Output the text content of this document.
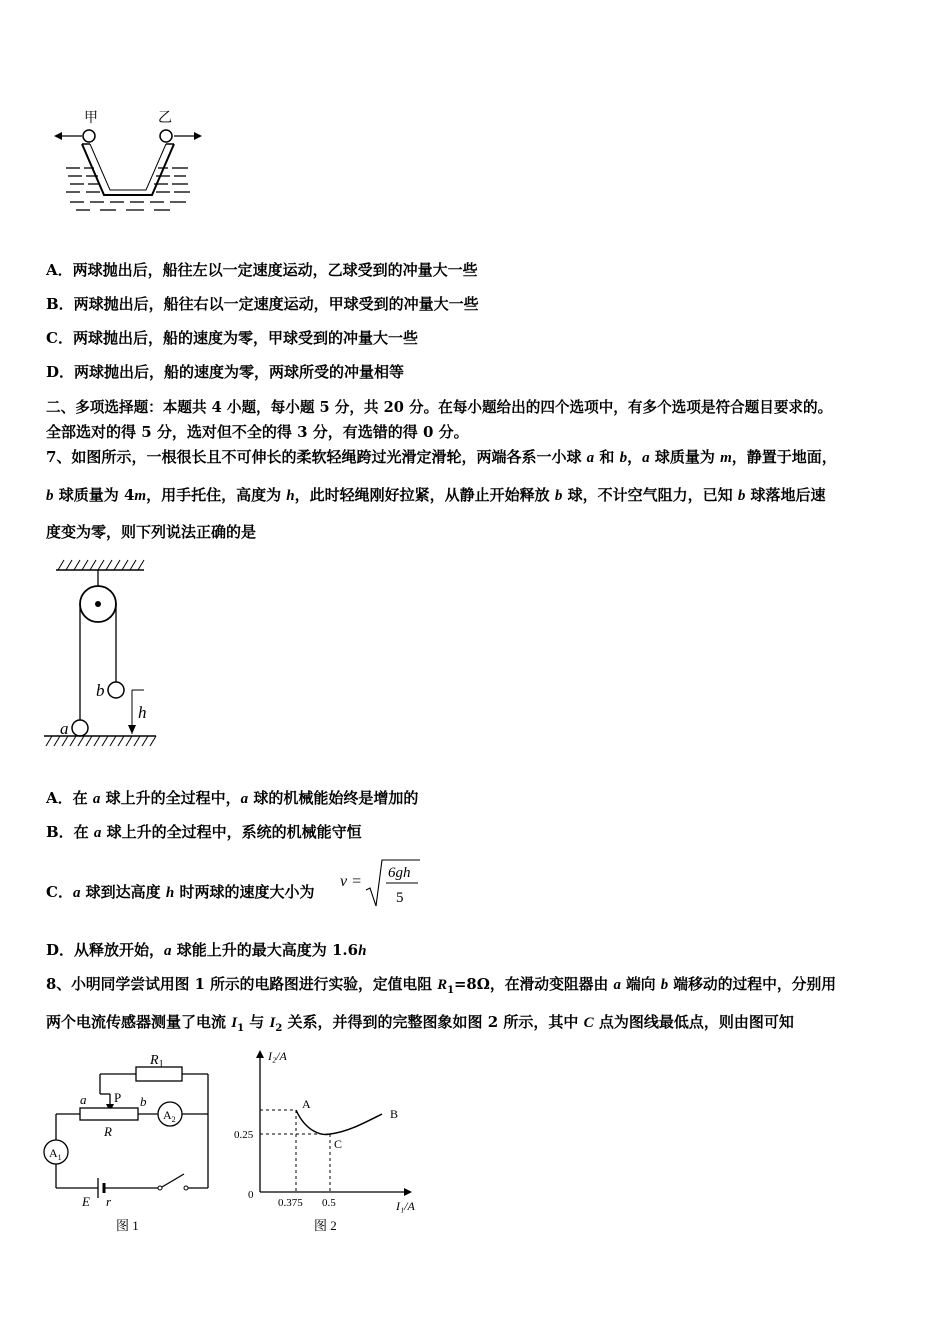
甲	乙
A．两球抛出后，船往左以一定速度运动，乙球受到的冲量大一些
B．两球抛出后，船往右以一定速度运动，甲球受到的冲量大一些
C．两球抛出后，船的速度为零，甲球受到的冲量大一些
D．两球抛出后，船的速度为零，两球所受的冲量相等
二、多项选择题：本题共 4 小题，每小题 5 分，共 20 分。在每小题给出的四个选项中，有多个选项是符合题目要求的。
全部选对的得 5 分，选对但不全的得 3 分，有选错的得 0 分。
7、如图所示，一根很长且不可伸长的柔软轻绳跨过光滑定滑轮，两端各系一小球 a 和 b，a 球质量为 m，静置于地面，
b 球质量为 4m，用手托住，高度为 h，此时轻绳刚好拉紧，从静止开始释放 b 球，不计空气阻力，已知 b 球落地后速
度变为零，则下列说法正确的是
b
h
a
A．在 a 球上升的全过程中，a 球的机械能始终是增加的
B．在 a 球上升的全过程中，系统的机械能守恒
C．a 球到达高度 h 时两球的速度大小为
v = 6gh
5
D．从释放开始，a 球能上升的最大高度为 1.6h
8、小明同学尝试用图 1 所示的电路图进行实验，定值电阻 $R_1=8\Omega$，在滑动变阻器由 a 端向 b 端移动的过程中，分别用
两个电流传感器测量了电流 $I_1$ 与 $I_2$ 关系，并得到的完整图象如图 2 所示，其中 C 点为图线最低点，则由图可知
$R_1$
P
a	b
R
$A_2$
$A_1$
E r
图 1
I₂/A
I₁/A
0
0.25
0.375 0.5
A
B
C
图 2
